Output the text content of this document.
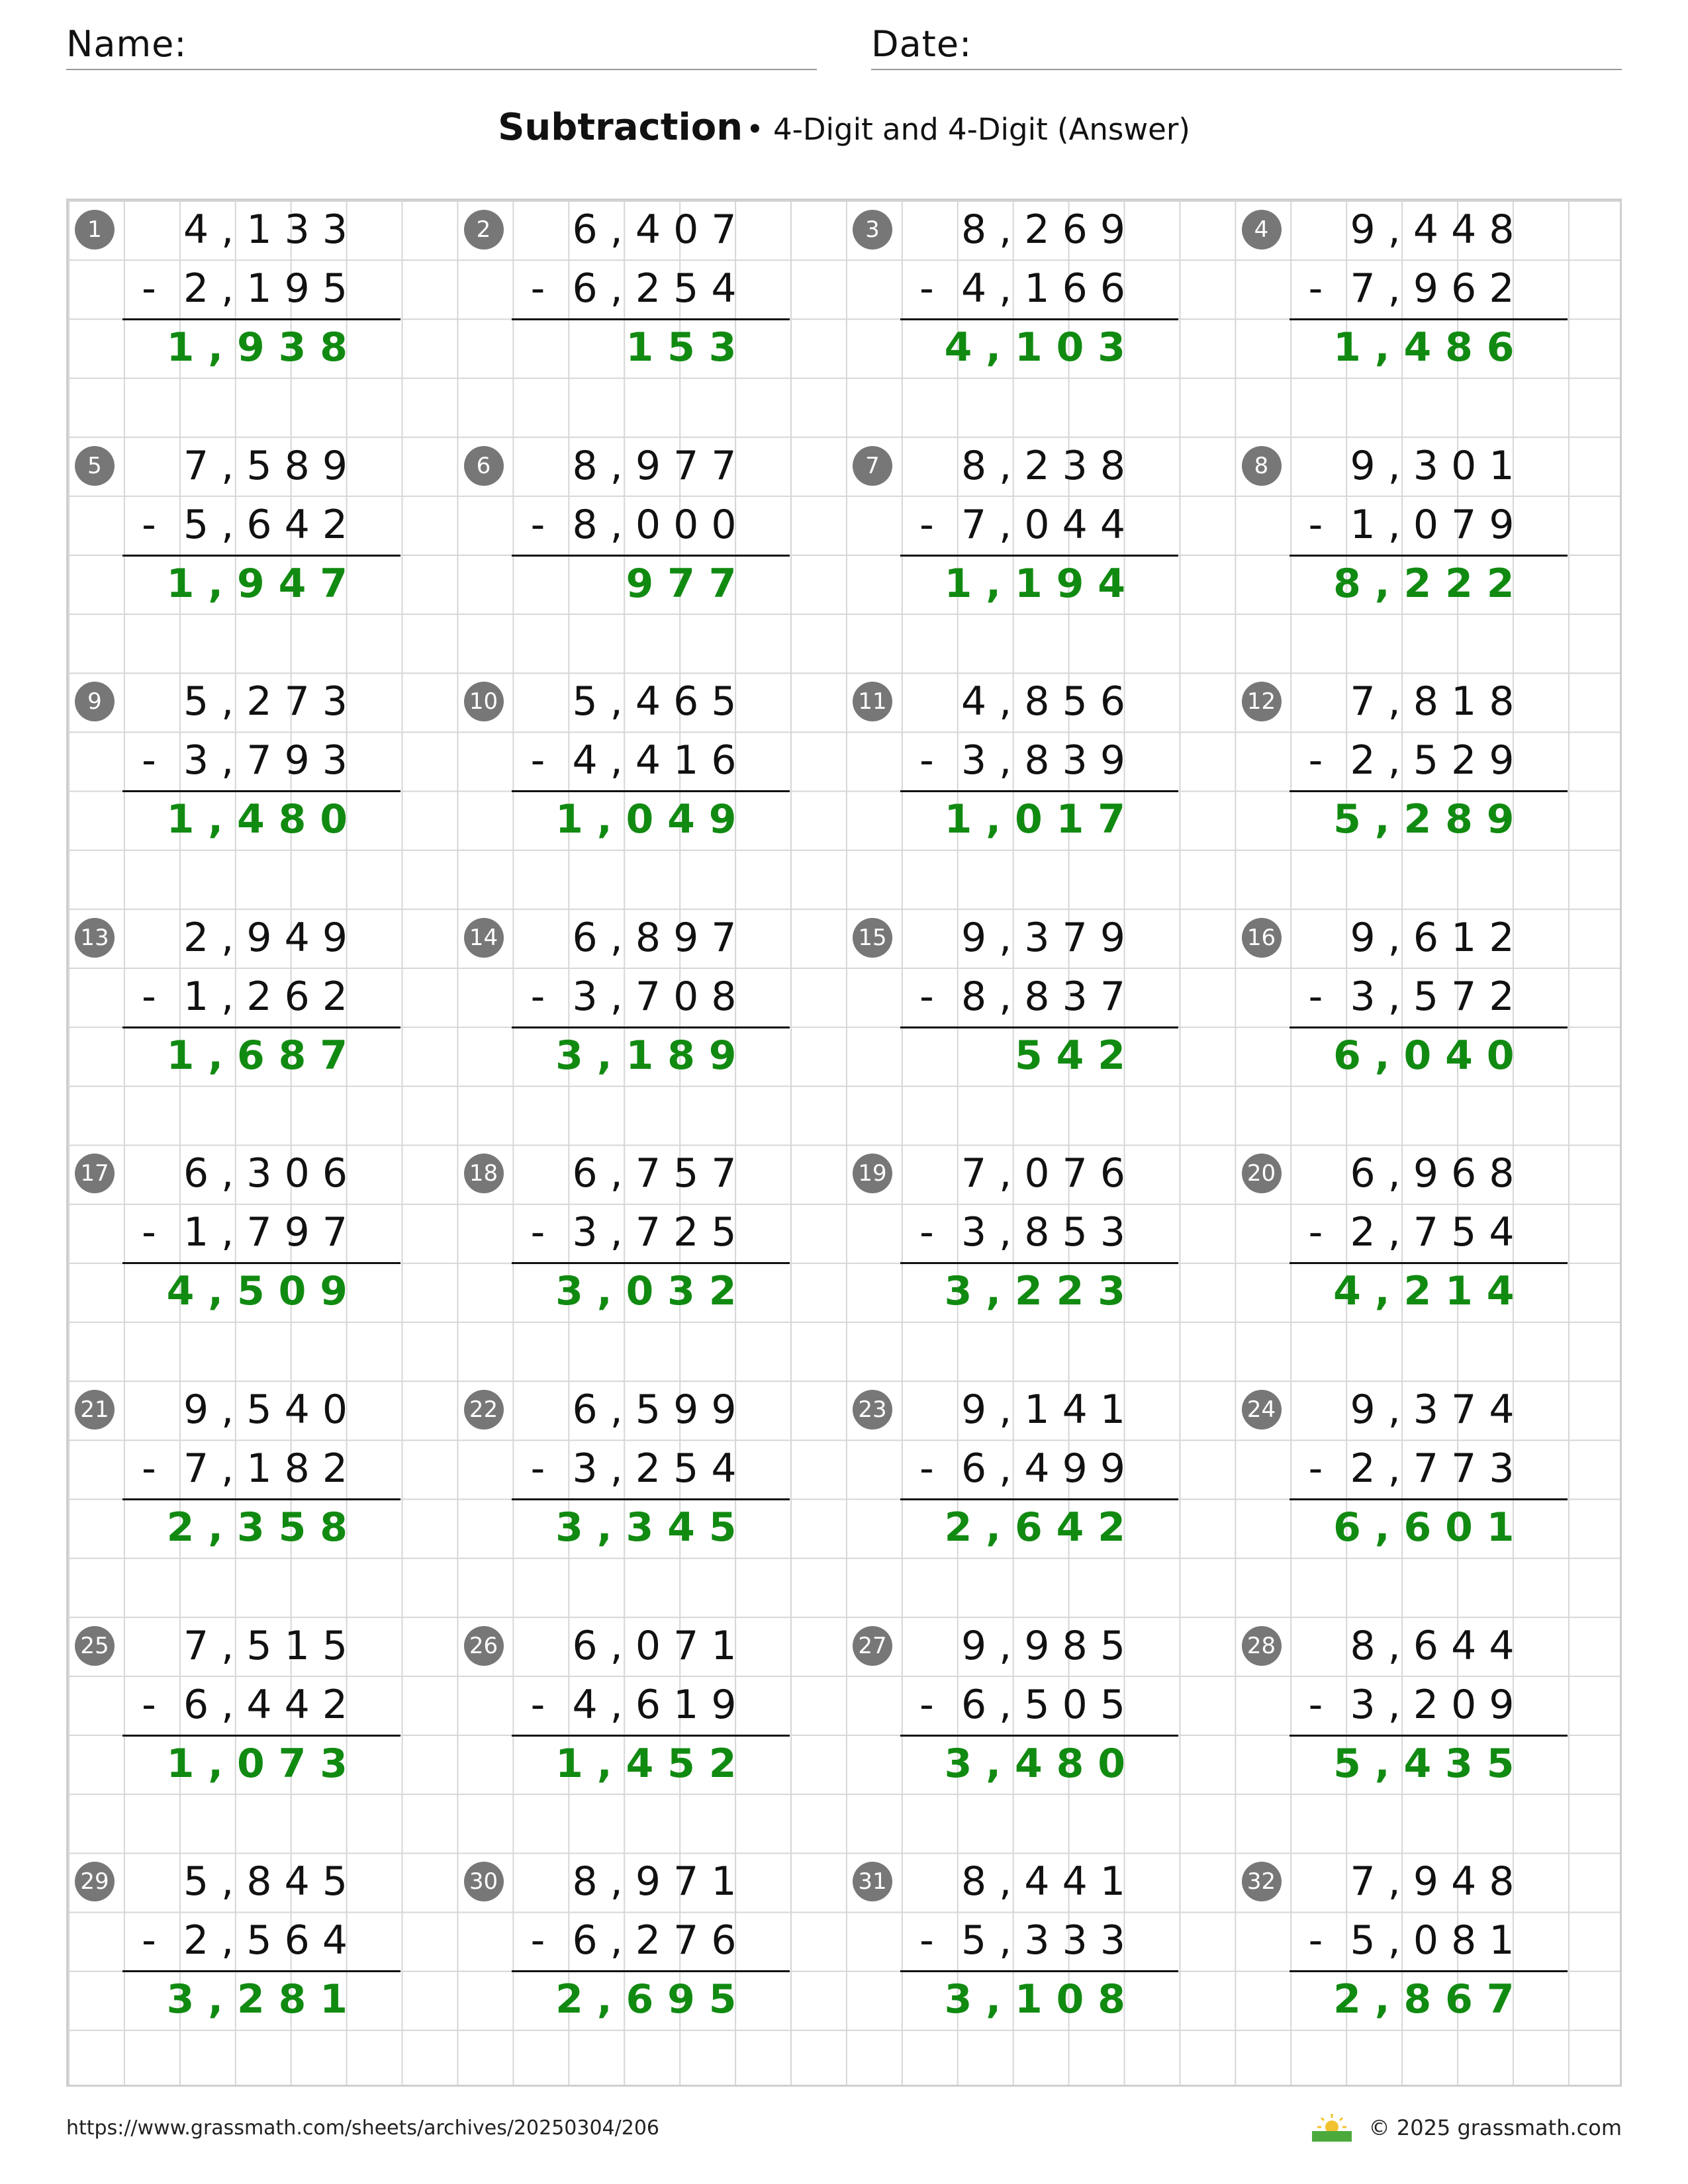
Name:	Date:
Subtraction • 4-Digit and 4-Digit (Answer)
1	4 , 1 3 3
- 2 , 1 9 5
1 , 9 3 8
2	6 , 4 0 7
- 6 , 2 5 4
1 5 3
3	8 , 2 6 9
- 4 , 1 6 6
4 , 1 0 3
4	9 , 4 4 8
- 7 , 9 6 2
1 , 4 8 6
5	7 , 5 8 9
- 5 , 6 4 2
1 , 9 4 7
6	8 , 9 7 7
- 8 , 0 0 0
9 7 7
7	8 , 2 3 8
- 7 , 0 4 4
1 , 1 9 4
8	9 , 3 0 1
- 1 , 0 7 9
8 , 2 2 2
9	5 , 2 7 3
- 3 , 7 9 3
1 , 4 8 0
10	5 , 4 6 5
- 4 , 4 1 6
1 , 0 4 9
11	4 , 8 5 6
- 3 , 8 3 9
1 , 0 1 7
12	7 , 8 1 8
- 2 , 5 2 9
5 , 2 8 9
13	2 , 9 4 9
- 1 , 2 6 2
1 , 6 8 7
14	6 , 8 9 7
- 3 , 7 0 8
3 , 1 8 9
15	9 , 3 7 9
- 8 , 8 3 7
5 4 2
16	9 , 6 1 2
- 3 , 5 7 2
6 , 0 4 0
17	6 , 3 0 6
- 1 , 7 9 7
4 , 5 0 9
18	6 , 7 5 7
- 3 , 7 2 5
3 , 0 3 2
19	7 , 0 7 6
- 3 , 8 5 3
3 , 2 2 3
20	6 , 9 6 8
- 2 , 7 5 4
4 , 2 1 4
21	9 , 5 4 0
- 7 , 1 8 2
2 , 3 5 8
22	6 , 5 9 9
- 3 , 2 5 4
3 , 3 4 5
23	9 , 1 4 1
- 6 , 4 9 9
2 , 6 4 2
24	9 , 3 7 4
- 2 , 7 7 3
6 , 6 0 1
25	7 , 5 1 5
- 6 , 4 4 2
1 , 0 7 3
26	6 , 0 7 1
- 4 , 6 1 9
1 , 4 5 2
27	9 , 9 8 5
- 6 , 5 0 5
3 , 4 8 0
28	8 , 6 4 4
- 3 , 2 0 9
5 , 4 3 5
29	5 , 8 4 5
- 2 , 5 6 4
3 , 2 8 1
30	8 , 9 7 1
- 6 , 2 7 6
2 , 6 9 5
31	8 , 4 4 1
- 5 , 3 3 3
3 , 1 0 8
32	7 , 9 4 8
- 5 , 0 8 1
2 , 8 6 7
https://www.grassmath.com/sheets/archives/20250304/206	© 2025 grassmath.com
